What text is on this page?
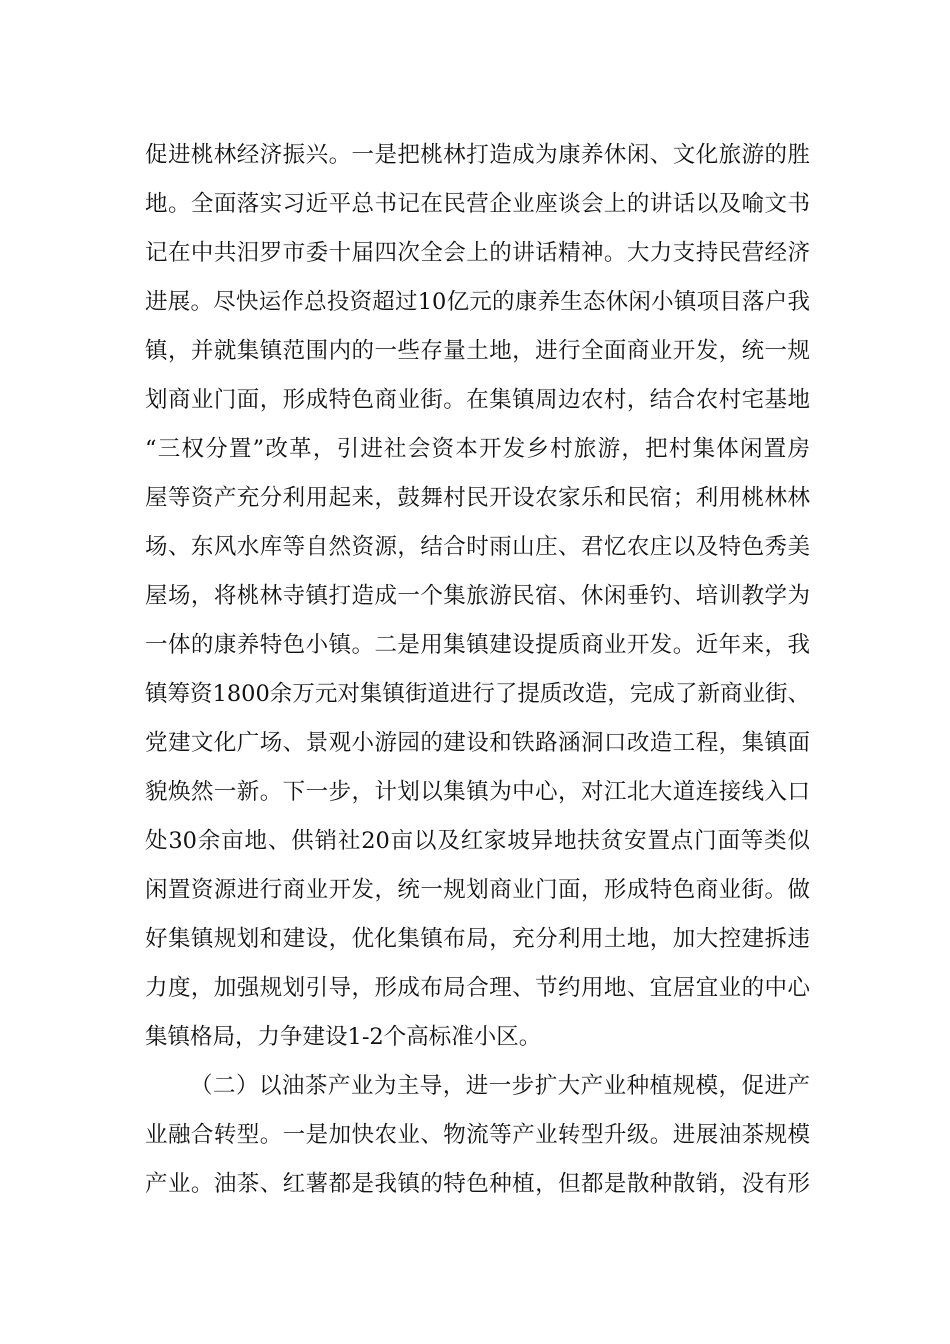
促进桃林经济振兴。一是把桃林打造成为康养休闲、文化旅游的胜
地。全面落实习近平总书记在民营企业座谈会上的讲话以及喻文书
记在中共汨罗市委十届四次全会上的讲话精神。大力支持民营经济
进展。尽快运作总投资超过10亿元的康养生态休闲小镇项目落户我
镇，并就集镇范围内的一些存量土地，进行全面商业开发，统一规
划商业门面，形成特色商业街。在集镇周边农村，结合农村宅基地
“三权分置”改革，引进社会资本开发乡村旅游，把村集体闲置房
屋等资产充分利用起来，鼓舞村民开设农家乐和民宿；利用桃林林
场、东风水库等自然资源，结合时雨山庄、君忆农庄以及特色秀美
屋场，将桃林寺镇打造成一个集旅游民宿、休闲垂钓、培训教学为
一体的康养特色小镇。二是用集镇建设提质商业开发。近年来，我
镇筹资1800余万元对集镇街道进行了提质改造，完成了新商业街、
党建文化广场、景观小游园的建设和铁路涵洞口改造工程，集镇面
貌焕然一新。下一步，计划以集镇为中心，对江北大道连接线入口
处30余亩地、供销社20亩以及红家坡异地扶贫安置点门面等类似
闲置资源进行商业开发，统一规划商业门面，形成特色商业街。做
好集镇规划和建设，优化集镇布局，充分利用土地，加大控建拆违
力度，加强规划引导，形成布局合理、节约用地、宜居宜业的中心
集镇格局，力争建设1-2个高标准小区。
（二）以油茶产业为主导，进一步扩大产业种植规模，促进产
业融合转型。一是加快农业、物流等产业转型升级。进展油茶规模
产业。油茶、红薯都是我镇的特色种植，但都是散种散销，没有形
